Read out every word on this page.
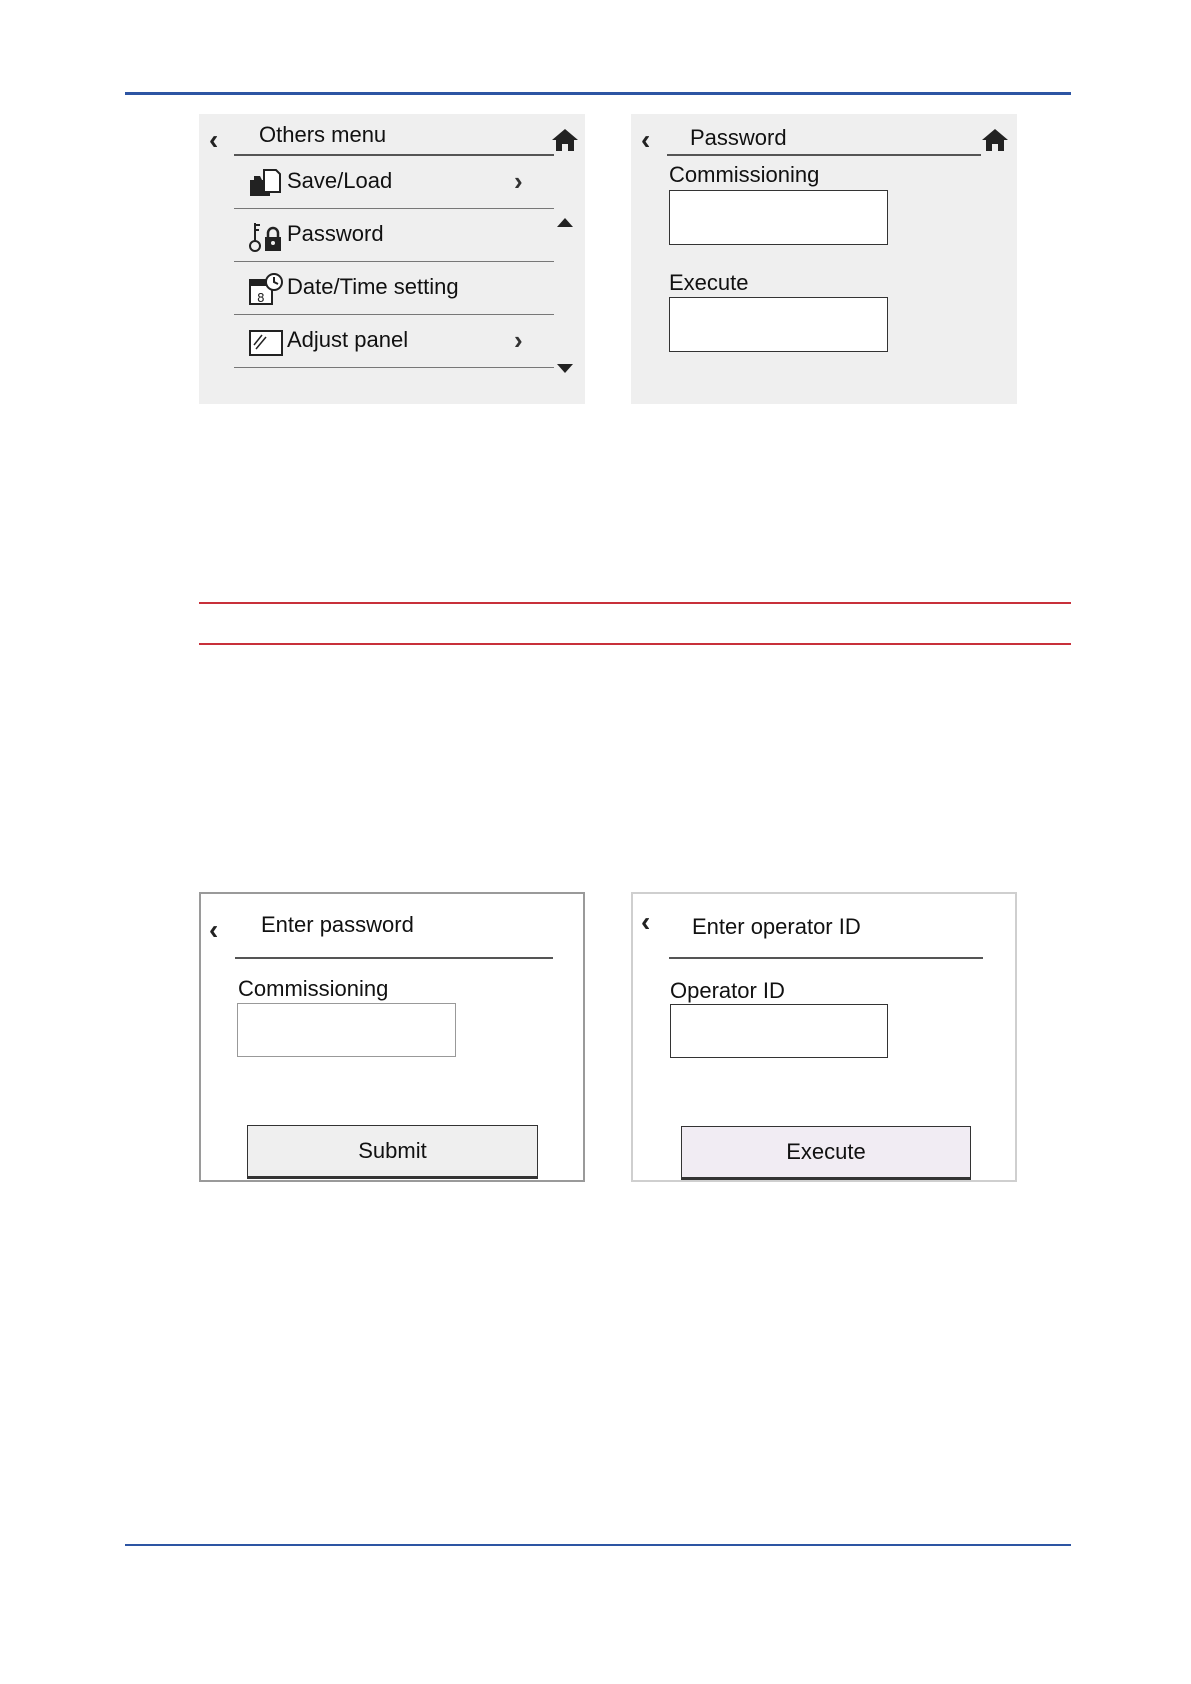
‹ Others menu
Save/Load	›
Password
8 Date/Time setting
Adjust panel	›
‹ Password
Commissioning
Execute
‹ Enter password
Commissioning
Submit
‹ Enter operator ID
Operator ID
Execute
